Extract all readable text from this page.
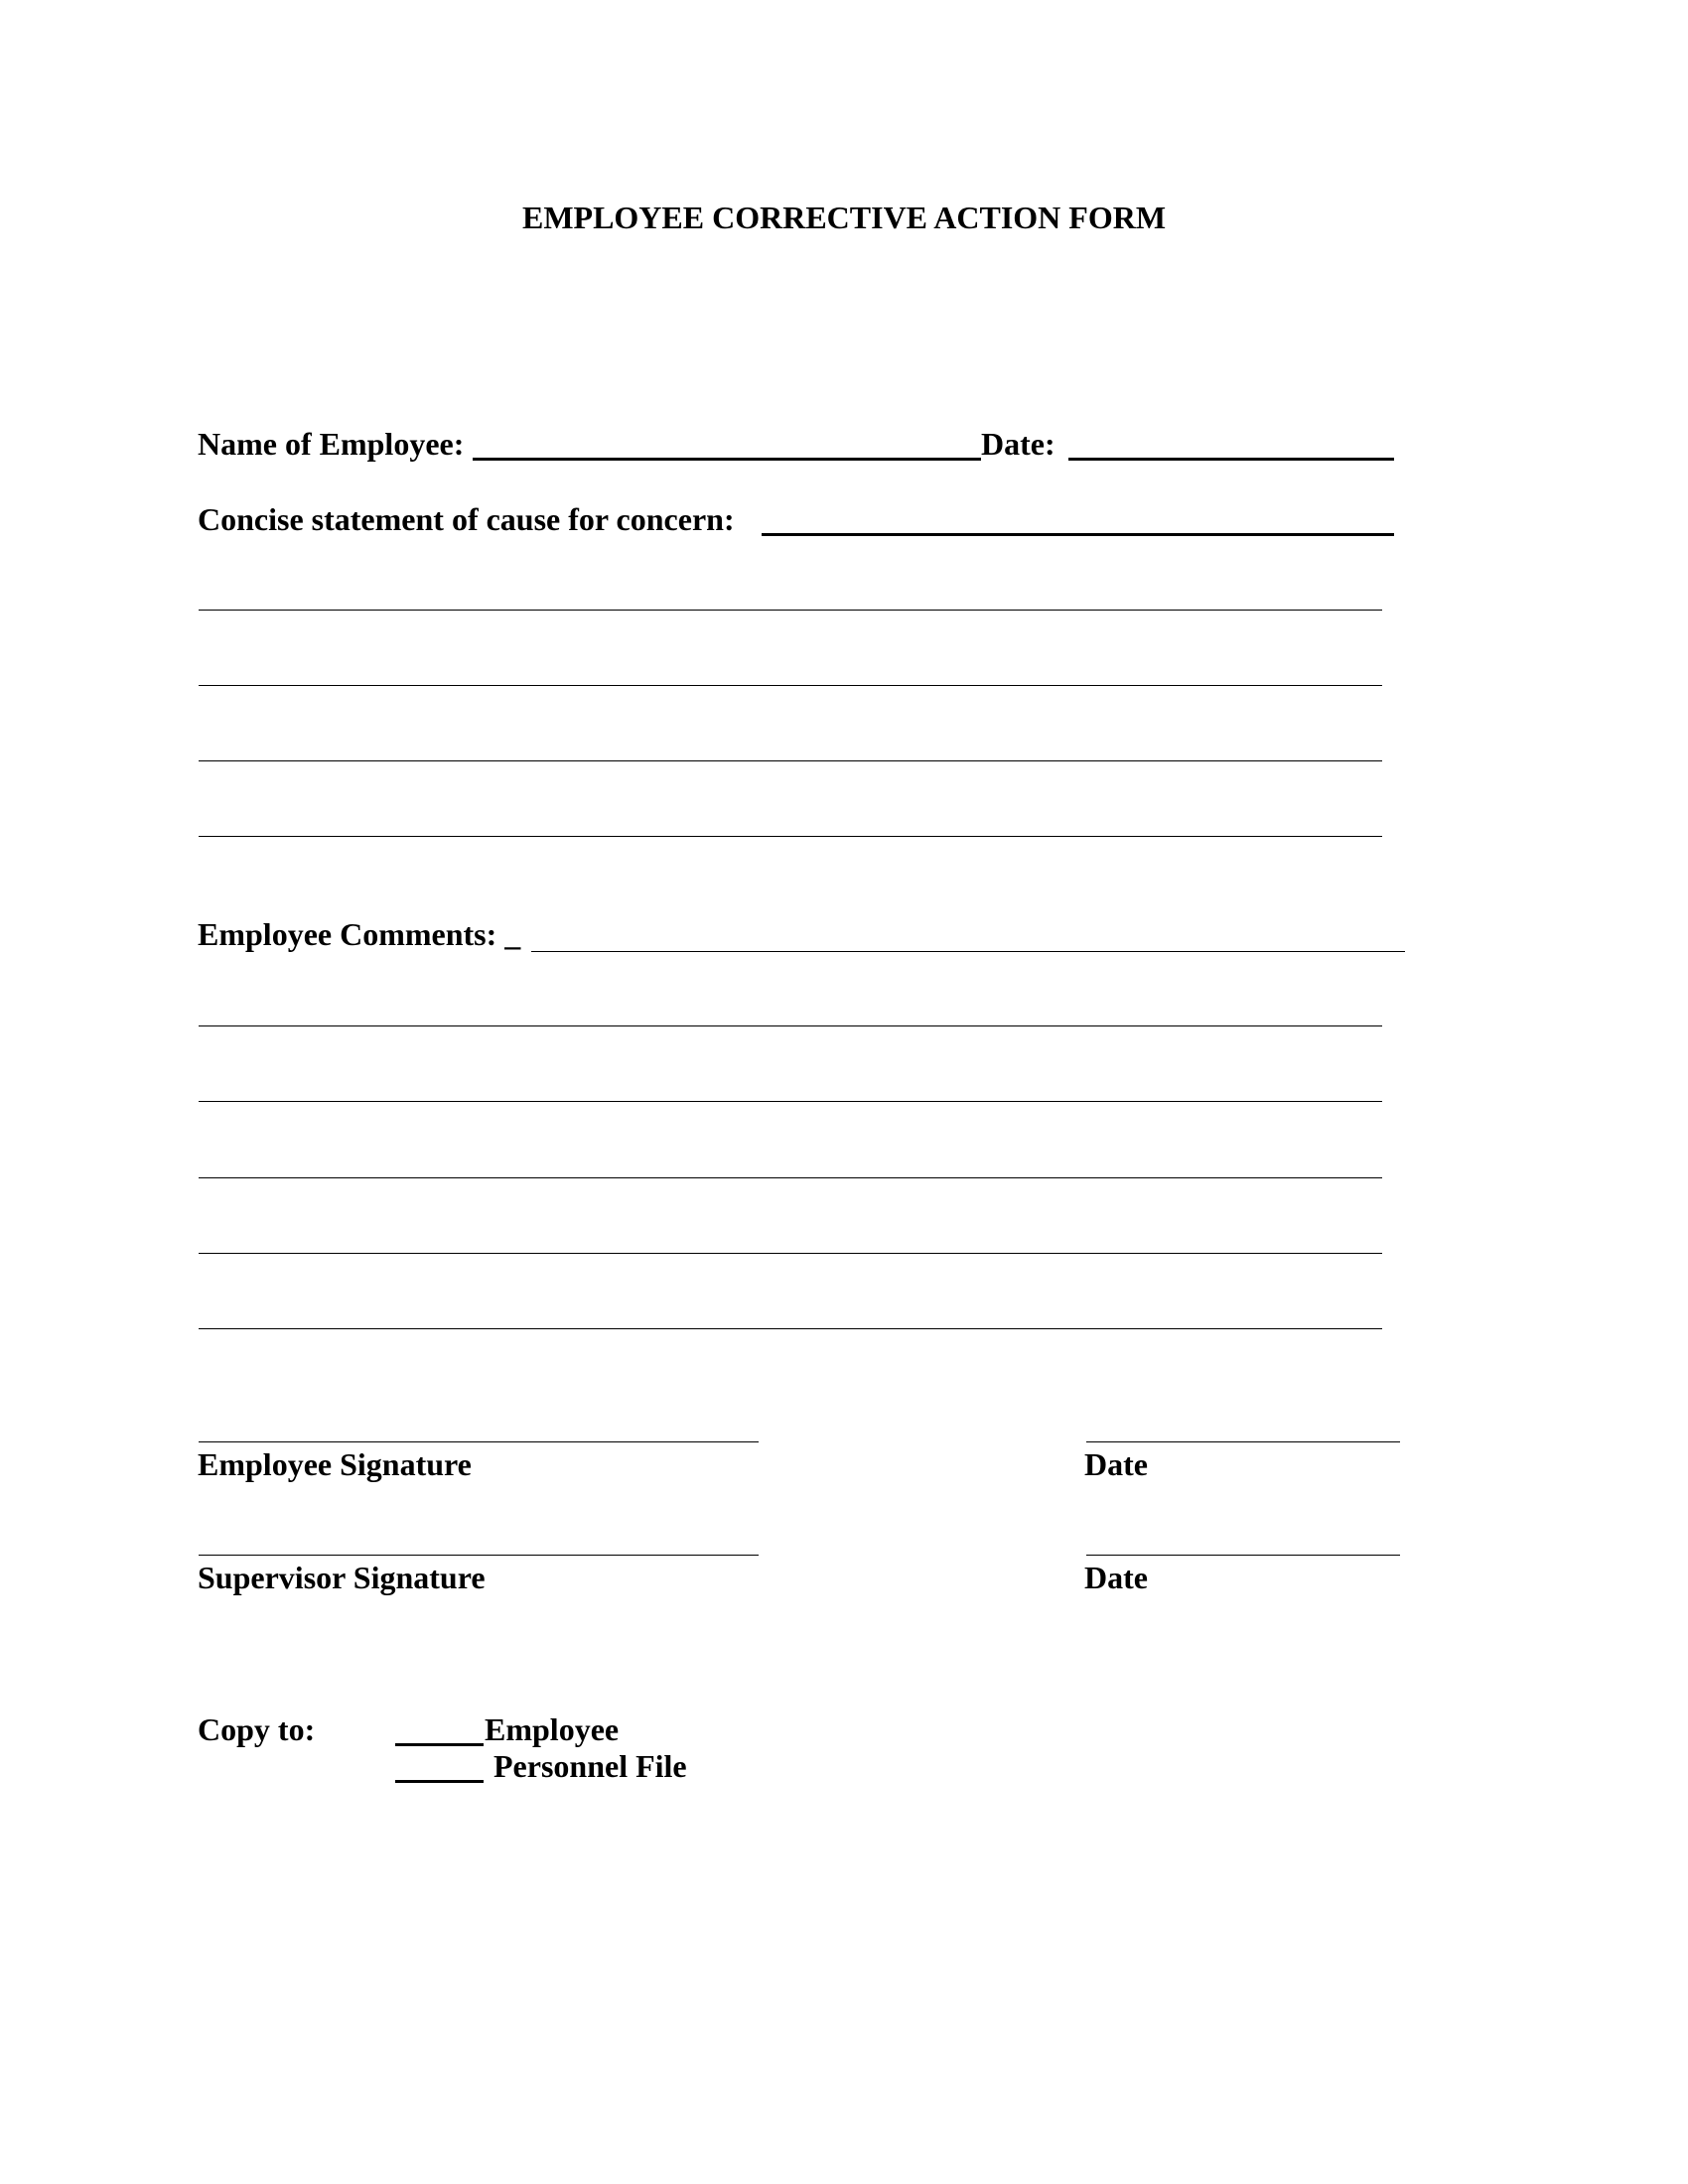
EMPLOYEE CORRECTIVE ACTION FORM
Name of Employee:	Date:
Concise statement of cause for concern:
Employee Comments: _
Employee Signature	Date
Supervisor Signature	Date
Copy to:	Employee
Personnel File
